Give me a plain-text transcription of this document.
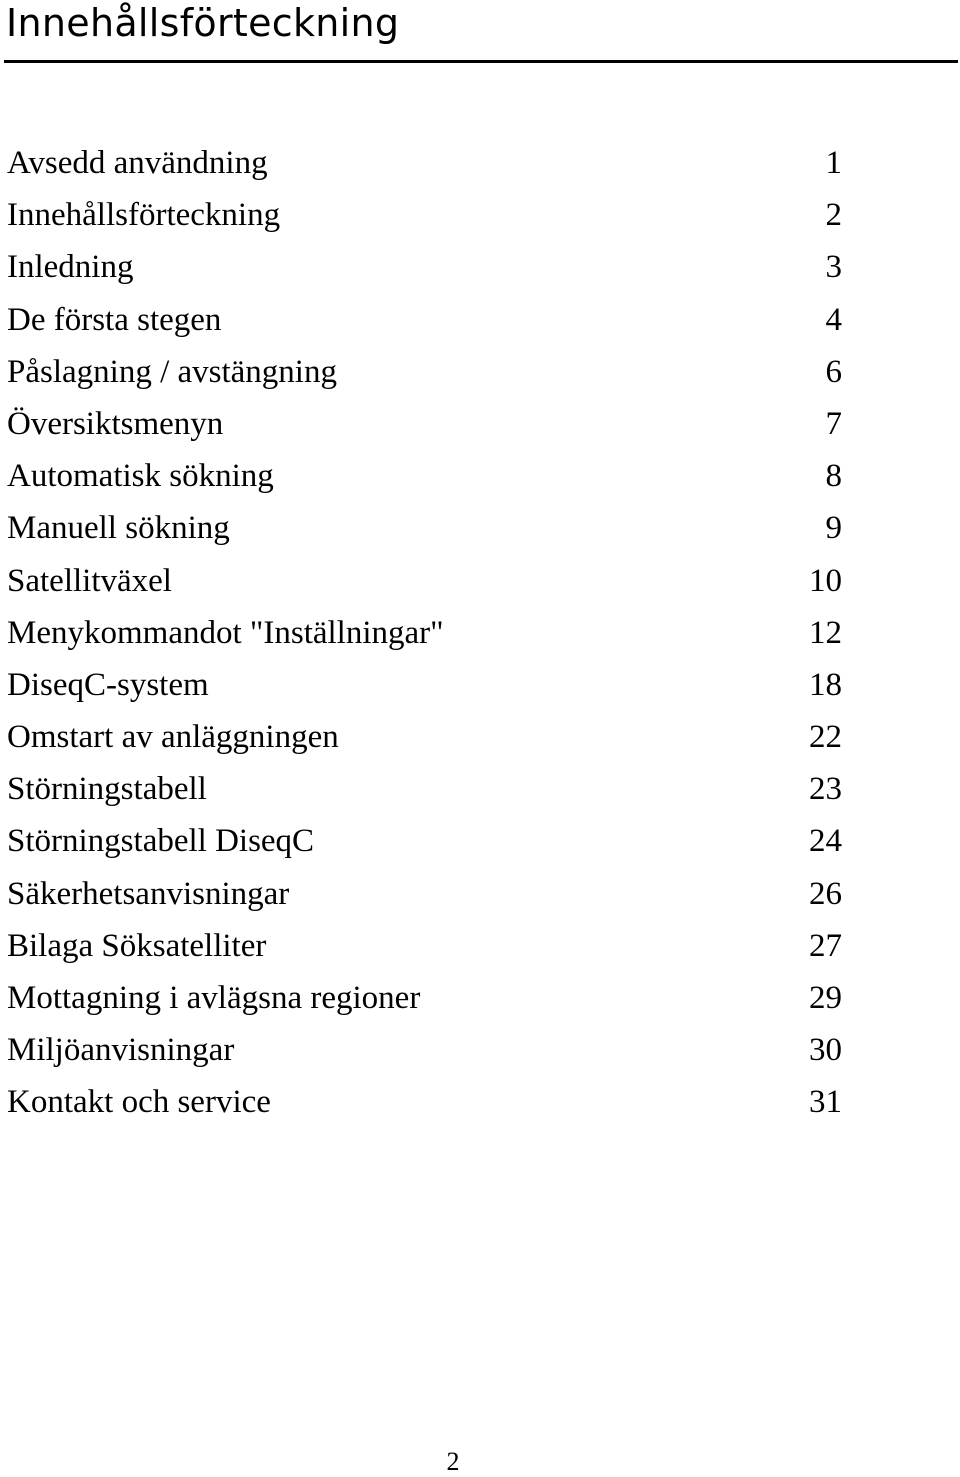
Innehållsförteckning
Avsedd användning	1
Innehållsförteckning	2
Inledning	3
De första stegen	4
Påslagning / avstängning	6
Översiktsmenyn	7
Automatisk sökning	8
Manuell sökning	9
Satellitväxel	10
Menykommandot "Inställningar"	12
DiseqC-system	18
Omstart av anläggningen	22
Störningstabell	23
Störningstabell DiseqC	24
Säkerhetsanvisningar	26
Bilaga Söksatelliter	27
Mottagning i avlägsna regioner	29
Miljöanvisningar	30
Kontakt och service	31
2
